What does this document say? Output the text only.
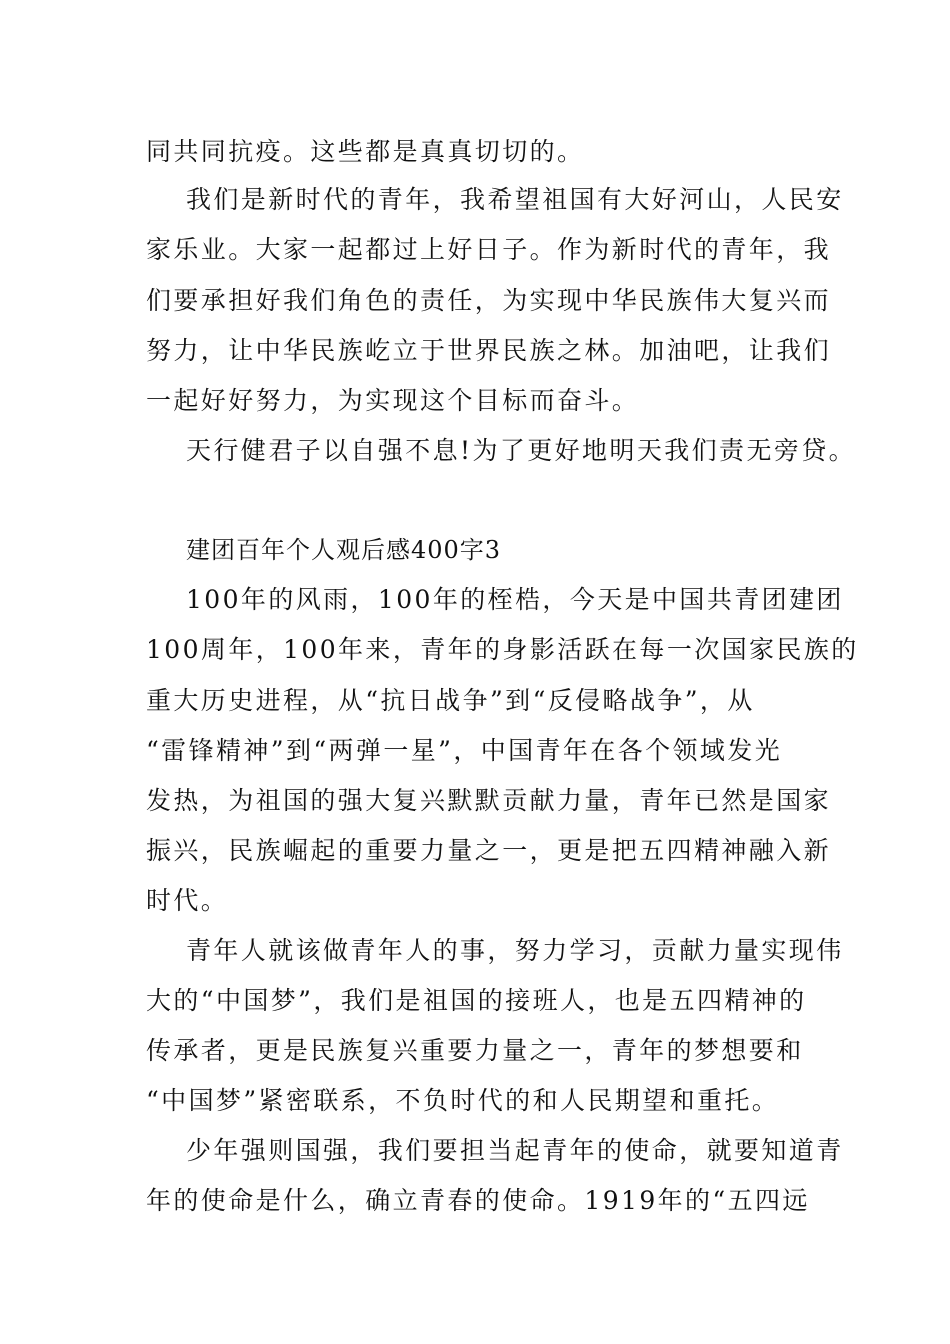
同共同抗疫。这些都是真真切切的。
我们是新时代的青年，我希望祖国有大好河山，人民安
家乐业。大家一起都过上好日子。作为新时代的青年，我
们要承担好我们角色的责任，为实现中华民族伟大复兴而
努力，让中华民族屹立于世界民族之林。加油吧，让我们
一起好好努力，为实现这个目标而奋斗。
天行健君子以自强不息!为了更好地明天我们责无旁贷。
建团百年个人观后感400字3
100年的风雨，100年的桎梏，今天是中国共青团建团
100周年，100年来，青年的身影活跃在每一次国家民族的
重大历史进程，从“抗日战争”到“反侵略战争”，从
“雷锋精神”到“两弹一星”，中国青年在各个领域发光
发热，为祖国的强大复兴默默贡献力量，青年已然是国家
振兴，民族崛起的重要力量之一，更是把五四精神融入新
时代。
青年人就该做青年人的事，努力学习，贡献力量实现伟
大的“中国梦”，我们是祖国的接班人，也是五四精神的
传承者，更是民族复兴重要力量之一，青年的梦想要和
“中国梦”紧密联系，不负时代的和人民期望和重托。
少年强则国强，我们要担当起青年的使命，就要知道青
年的使命是什么，确立青春的使命。1919年的“五四远
